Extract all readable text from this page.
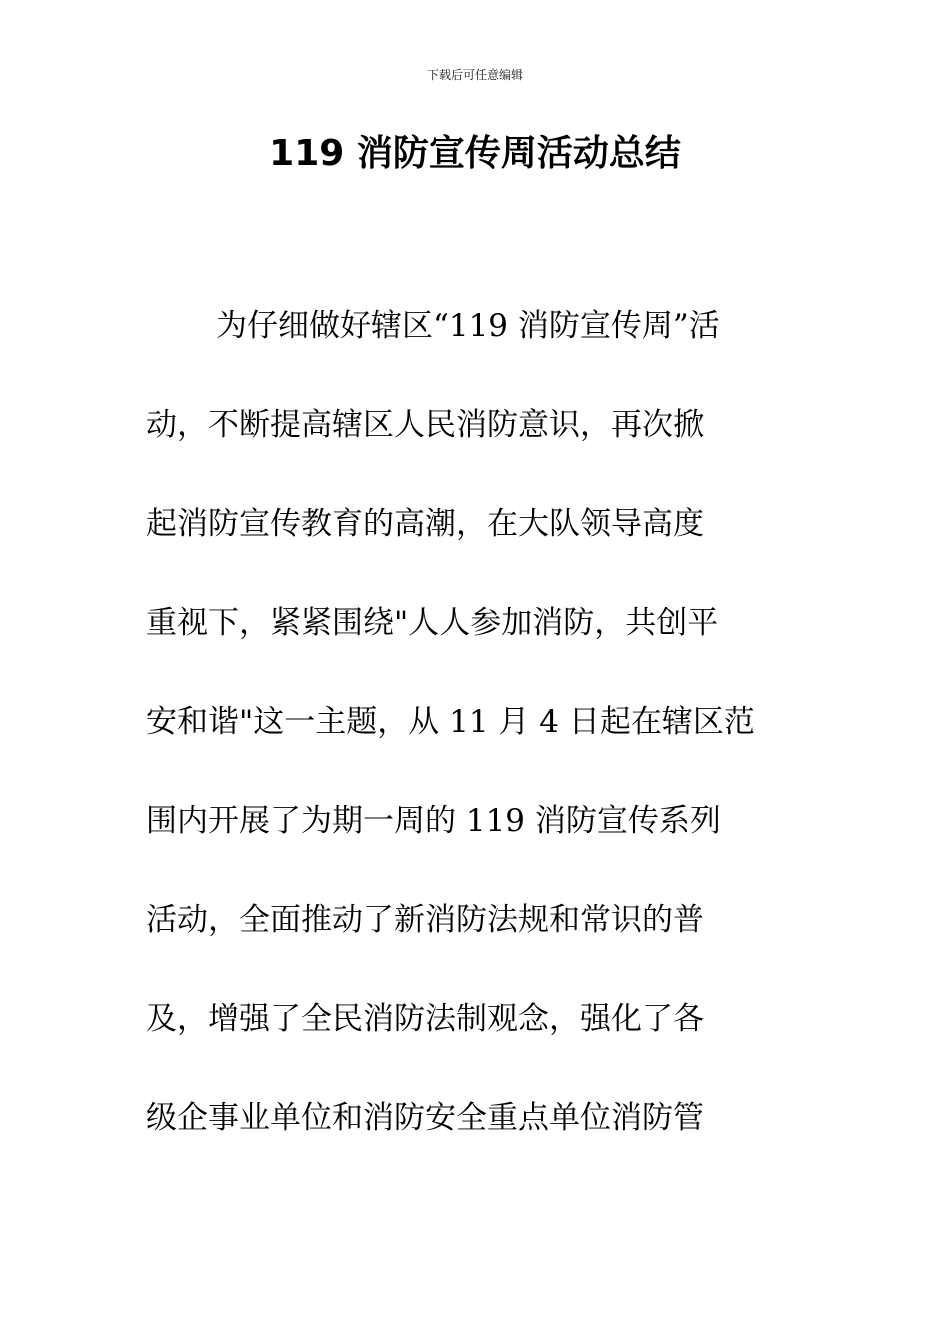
下载后可任意编辑
119 消防宣传周活动总结
为仔细做好辖区“119 消防宣传周”活
动，不断提高辖区人民消防意识，再次掀
起消防宣传教育的高潮，在大队领导高度
重视下，紧紧围绕"人人参加消防，共创平
安和谐"这一主题，从 11 月 4 日起在辖区范
围内开展了为期一周的 119 消防宣传系列
活动，全面推动了新消防法规和常识的普
及，增强了全民消防法制观念，强化了各
级企事业单位和消防安全重点单位消防管
